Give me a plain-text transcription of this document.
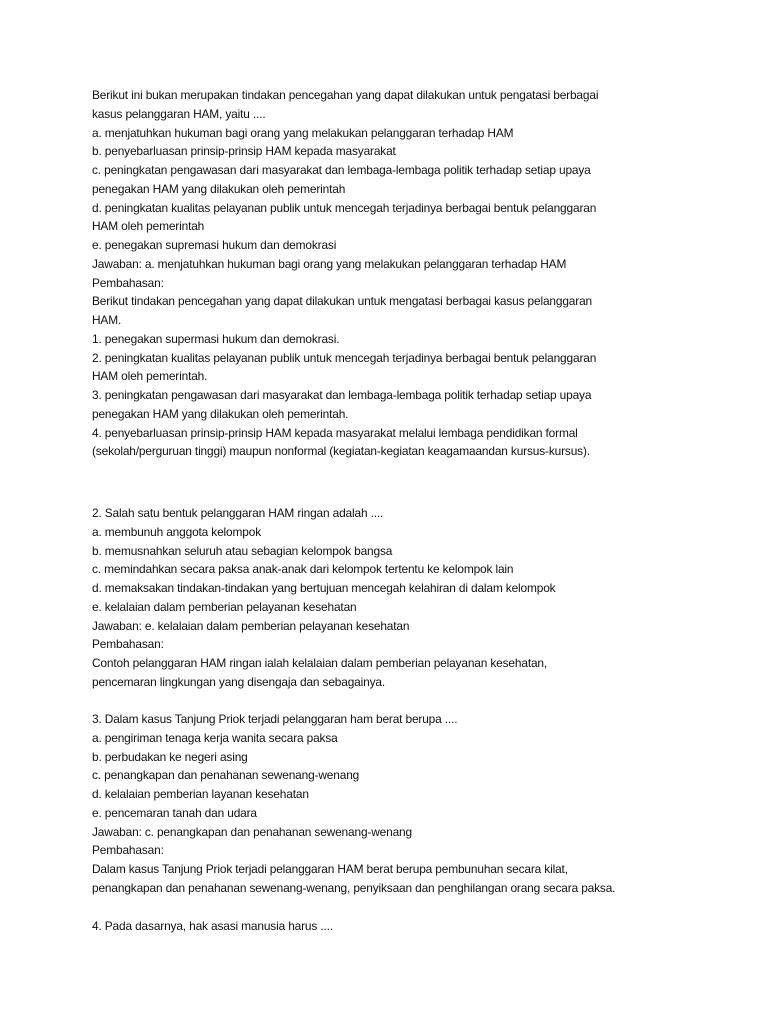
Berikut ini bukan merupakan tindakan pencegahan yang dapat dilakukan untuk pengatasi berbagai
kasus pelanggaran HAM, yaitu ....
a. menjatuhkan hukuman bagi orang yang melakukan pelanggaran terhadap HAM
b. penyebarluasan prinsip-prinsip HAM kepada masyarakat
c. peningkatan pengawasan dari masyarakat dan lembaga-lembaga politik terhadap setiap upaya
penegakan HAM yang dilakukan oleh pemerintah
d. peningkatan kualitas pelayanan publik untuk mencegah terjadinya berbagai bentuk pelanggaran
HAM oleh pemerintah
e. penegakan supremasi hukum dan demokrasi
Jawaban: a. menjatuhkan hukuman bagi orang yang melakukan pelanggaran terhadap HAM
Pembahasan:
Berikut tindakan pencegahan yang dapat dilakukan untuk mengatasi berbagai kasus pelanggaran
HAM.
1. penegakan supermasi hukum dan demokrasi.
2. peningkatan kualitas pelayanan publik untuk mencegah terjadinya berbagai bentuk pelanggaran
HAM oleh pemerintah.
3. peningkatan pengawasan dari masyarakat dan lembaga-lembaga politik terhadap setiap upaya
penegakan HAM yang dilakukan oleh pemerintah.
4. penyebarluasan prinsip-prinsip HAM kepada masyarakat melalui lembaga pendidikan formal
(sekolah/perguruan tinggi) maupun nonformal (kegiatan-kegiatan keagamaandan kursus-kursus).
2. Salah satu bentuk pelanggaran HAM ringan adalah ....
a. membunuh anggota kelompok
b. memusnahkan seluruh atau sebagian kelompok bangsa
c. memindahkan secara paksa anak-anak dari kelompok tertentu ke kelompok lain
d. memaksakan tindakan-tindakan yang bertujuan mencegah kelahiran di dalam kelompok
e. kelalaian dalam pemberian pelayanan kesehatan
Jawaban: e. kelalaian dalam pemberian pelayanan kesehatan
Pembahasan:
Contoh pelanggaran HAM ringan ialah kelalaian dalam pemberian pelayanan kesehatan,
pencemaran lingkungan yang disengaja dan sebagainya.
3. Dalam kasus Tanjung Priok terjadi pelanggaran ham berat berupa ....
a. pengiriman tenaga kerja wanita secara paksa
b. perbudakan ke negeri asing
c. penangkapan dan penahanan sewenang-wenang
d. kelalaian pemberian layanan kesehatan
e. pencemaran tanah dan udara
Jawaban: c. penangkapan dan penahanan sewenang-wenang
Pembahasan:
Dalam kasus Tanjung Priok terjadi pelanggaran HAM berat berupa pembunuhan secara kilat,
penangkapan dan penahanan sewenang-wenang, penyiksaan dan penghilangan orang secara paksa.
4. Pada dasarnya, hak asasi manusia harus ....
